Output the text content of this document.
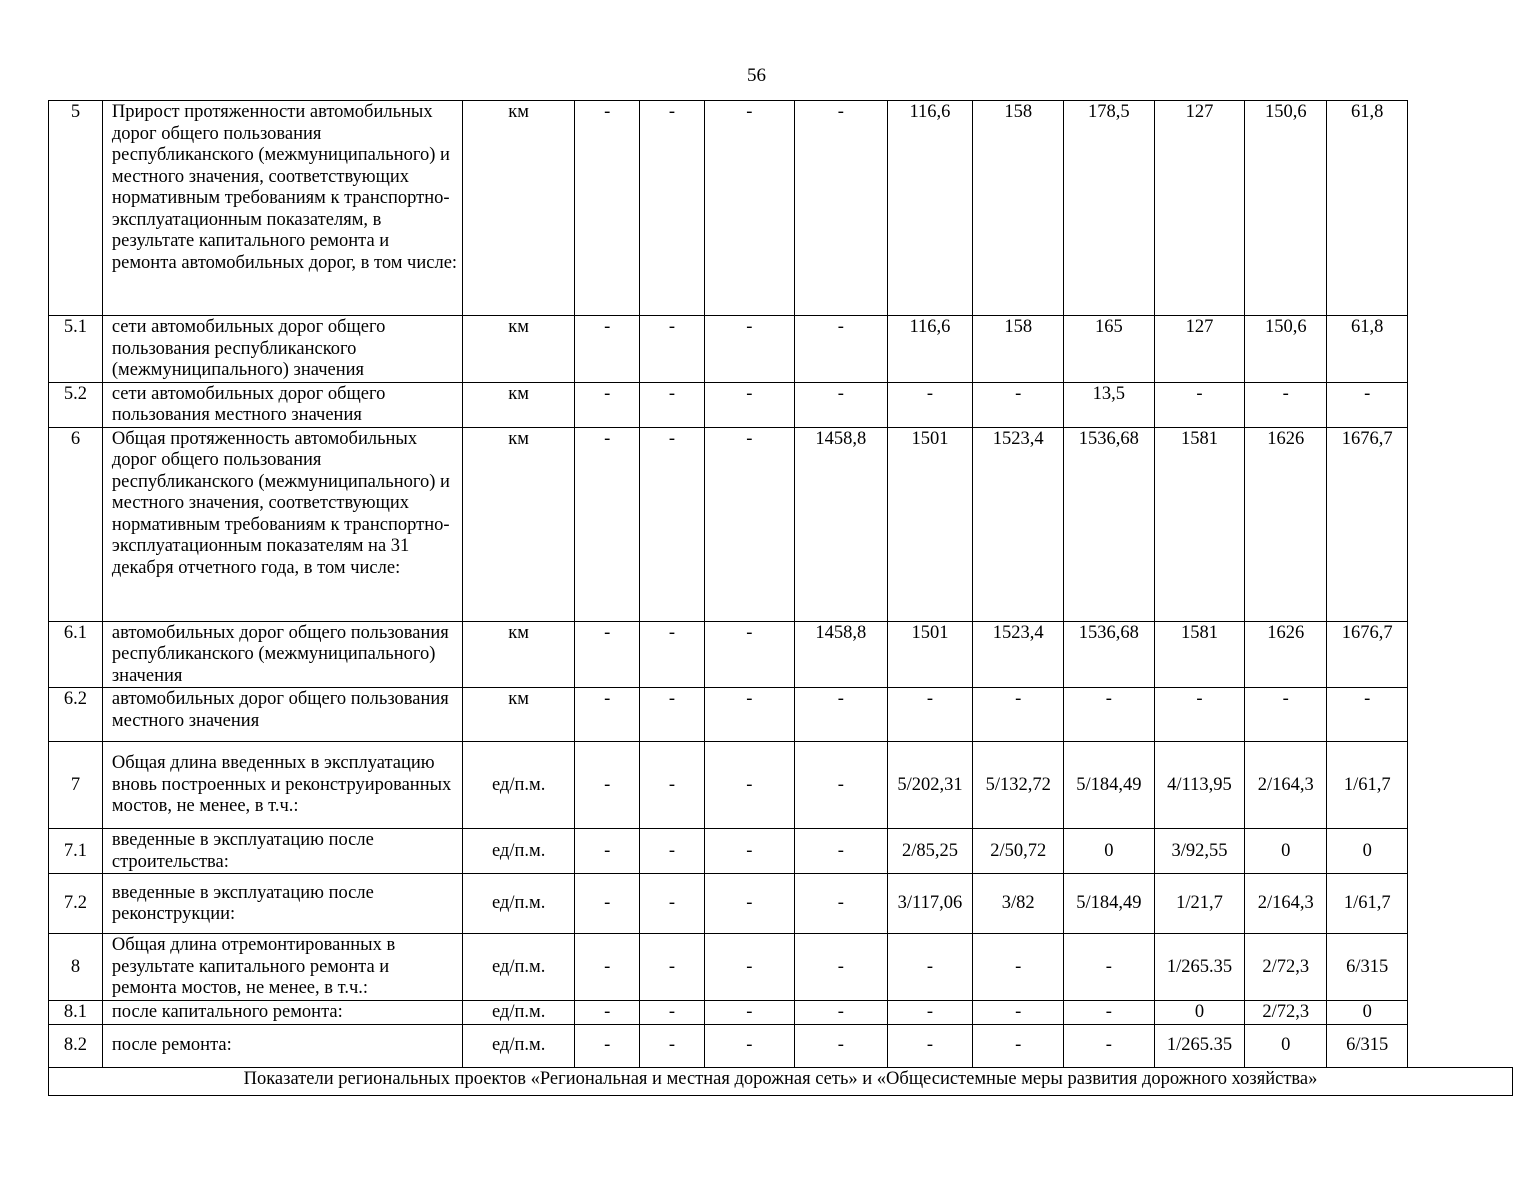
56
5	Прирост протяженности автомобильных дорог общего пользования республиканского (межмуниципального) и местного значения, соответствующих нормативным требованиям к транспортно-эксплуатационным показателям, в результате капитального ремонта и ремонта автомобильных дорог, в том числе:	км	-	-	-	-	116,6	158	178,5	127	150,6	61,8	
5.1	сети автомобильных дорог общего пользования республиканского (межмуниципального) значения	км	-	-	-	-	116,6	158	165	127	150,6	61,8	
5.2	сети автомобильных дорог общего пользования местного значения	км	-	-	-	-	-	-	13,5	-	-	-	
6	Общая протяженность автомобильных дорог общего пользования республиканского (межмуниципального) и местного значения, соответствующих нормативным требованиям к транспортно-эксплуатационным показателям на 31 декабря отчетного года, в том числе:	км	-	-	-	1458,8	1501	1523,4	1536,68	1581	1626	1676,7	
6.1	автомобильных дорог общего пользования республиканского (межмуниципального) значения	км	-	-	-	1458,8	1501	1523,4	1536,68	1581	1626	1676,7	
6.2	автомобильных дорог общего пользования местного значения	км	-	-	-	-	-	-	-	-	-	-	
7	Общая длина введенных в эксплуатацию вновь построенных и реконструированных мостов, не менее, в т.ч.:	ед/п.м.	-	-	-	-	5/202,31	5/132,72	5/184,49	4/113,95	2/164,3	1/61,7	
7.1	введенные в эксплуатацию после строительства:	ед/п.м.	-	-	-	-	2/85,25	2/50,72	0	3/92,55	0	0	
7.2	введенные в эксплуатацию после реконструкции:	ед/п.м.	-	-	-	-	3/117,06	3/82	5/184,49	1/21,7	2/164,3	1/61,7	
8	Общая длина отремонтированных в результате капитального ремонта и ремонта мостов, не менее, в т.ч.:	ед/п.м.	-	-	-	-	-	-	-	1/265.35	2/72,3	6/315	
8.1	после капитального ремонта:	ед/п.м.	-	-	-	-	-	-	-	0	2/72,3	0	
8.2	после ремонта:	ед/п.м.	-	-	-	-	-	-	-	1/265.35	0	6/315	
Показатели региональных проектов «Региональная и местная дорожная сеть» и «Общесистемные меры развития дорожного хозяйства»													
